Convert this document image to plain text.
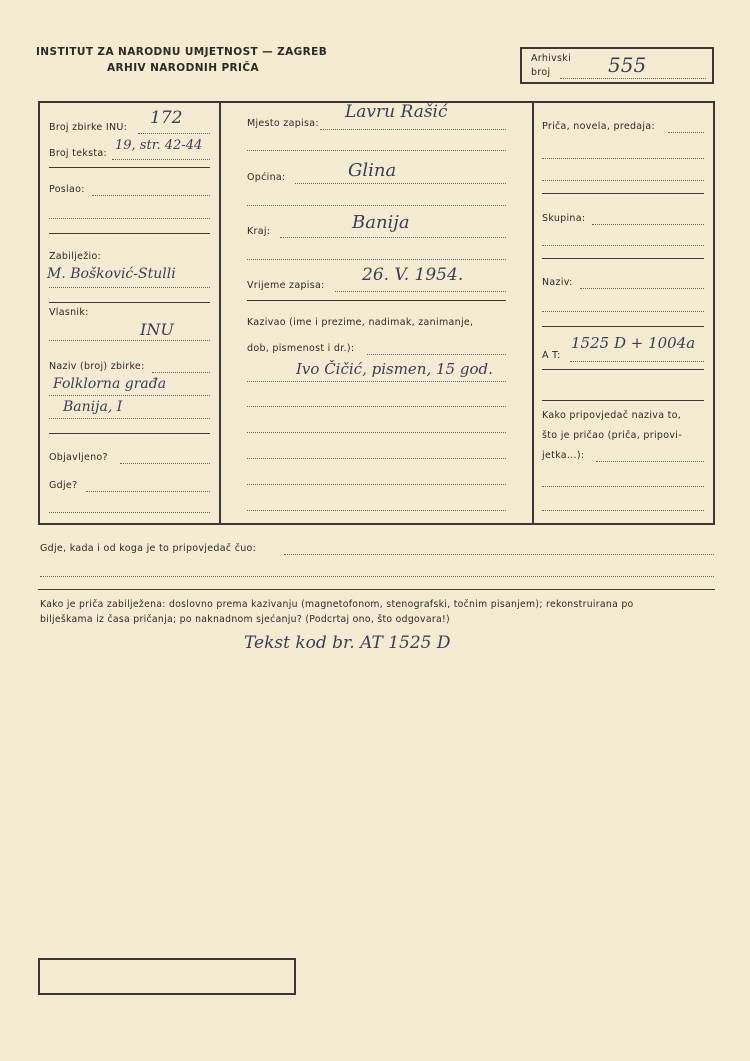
INSTITUT ZA NARODNU UMJETNOST — ZAGREB
ARHIV NARODNIH PRIČA
Arhivski
broj	555
Broj zbirke INU: 172
Broj teksta:
19, str. 42-44
Poslao:
Zabilježio:
M. Bošković-Stulli
Vlasnik:
INU
Naziv (broj) zbirke:
Folklorna građa
Banija, I
Objavljeno?
Gdje?
Mjesto zapisa:
Lavru Rašić
Općina:	Glina
Kraj:	Banija
Vrijeme zapisa:
26. V. 1954.
Kazivao (ime i prezime, nadimak, zanimanje,
dob, pismenost i dr.):
Ivo Čičić, pismen, 15 god.
Priča, novela, predaja:
Skupina:
Naziv:
A T:
1525 D + 1004a
Kako pripovjedač naziva to,
što je pričao (priča, pripovi-
jetka...):
Gdje, kada i od koga je to pripovjedač čuo:
Kako je priča zabilježena: doslovno prema kazivanju (magnetofonom, stenografski, točnim pisanjem); rekonstruirana po
bilješkama iz časa pričanja; po naknadnom sjećanju? (Podcrtaj ono, što odgovara!)
Tekst kod br. AT 1525 D
